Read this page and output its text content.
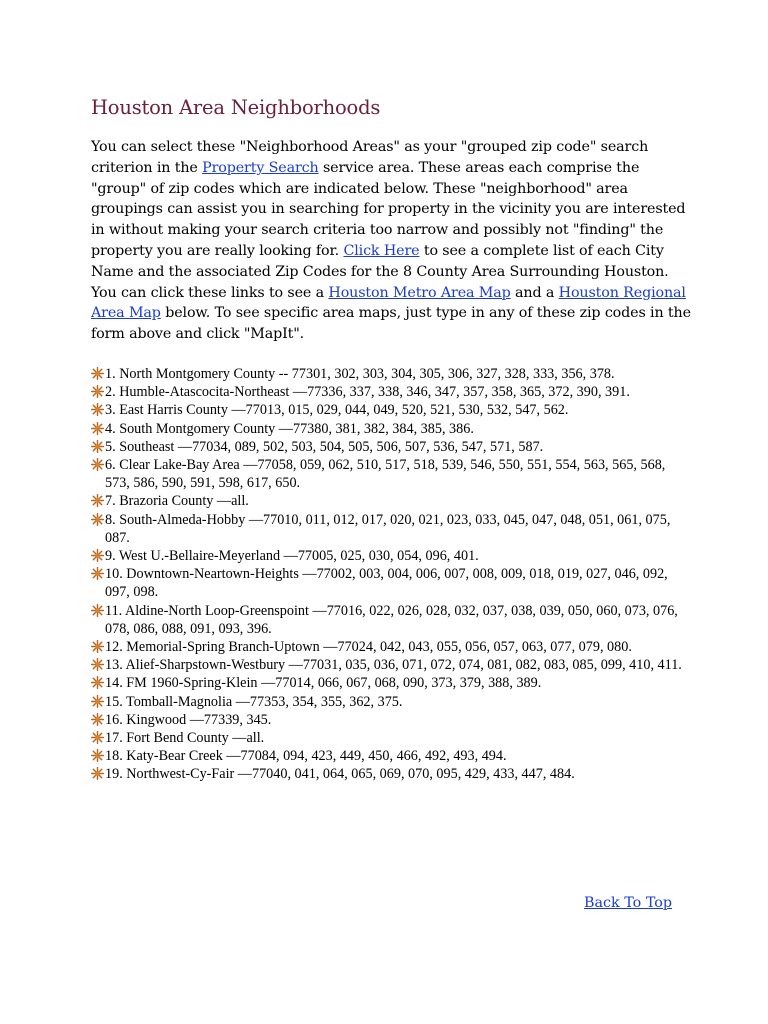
Houston Area Neighborhoods

You can select these "Neighborhood Areas" as your "grouped zip code" search criterion in the Property Search service area. These areas each comprise the "group" of zip codes which are indicated below. These "neighborhood" area groupings can assist you in searching for property in the vicinity you are interested in without making your search criteria too narrow and possibly not "finding" the property you are really looking for. Click Here to see a complete list of each City Name and the associated Zip Codes for the 8 County Area Surrounding Houston. You can click these links to see a Houston Metro Area Map and a Houston Regional Area Map below. To see specific area maps, just type in any of these zip codes in the form above and click "MapIt".

1. North Montgomery County -- 77301, 302, 303, 304, 305, 306, 327, 328, 333, 356, 378.
2. Humble-Atascocita-Northeast —77336, 337, 338, 346, 347, 357, 358, 365, 372, 390, 391.
3. East Harris County —77013, 015, 029, 044, 049, 520, 521, 530, 532, 547, 562.
4. South Montgomery County —77380, 381, 382, 384, 385, 386.
5. Southeast —77034, 089, 502, 503, 504, 505, 506, 507, 536, 547, 571, 587.
6. Clear Lake-Bay Area —77058, 059, 062, 510, 517, 518, 539, 546, 550, 551, 554, 563, 565, 568, 573, 586, 590, 591, 598, 617, 650.
7. Brazoria County —all.
8. South-Almeda-Hobby —77010, 011, 012, 017, 020, 021, 023, 033, 045, 047, 048, 051, 061, 075, 087.
9. West U.-Bellaire-Meyerland —77005, 025, 030, 054, 096, 401.
10. Downtown-Neartown-Heights —77002, 003, 004, 006, 007, 008, 009, 018, 019, 027, 046, 092, 097, 098.
11. Aldine-North Loop-Greenspoint —77016, 022, 026, 028, 032, 037, 038, 039, 050, 060, 073, 076, 078, 086, 088, 091, 093, 396.
12. Memorial-Spring Branch-Uptown —77024, 042, 043, 055, 056, 057, 063, 077, 079, 080.
13. Alief-Sharpstown-Westbury —77031, 035, 036, 071, 072, 074, 081, 082, 083, 085, 099, 410, 411.
14. FM 1960-Spring-Klein —77014, 066, 067, 068, 090, 373, 379, 388, 389.
15. Tomball-Magnolia —77353, 354, 355, 362, 375.
16. Kingwood —77339, 345.
17. Fort Bend County —all.
18. Katy-Bear Creek —77084, 094, 423, 449, 450, 466, 492, 493, 494.
19. Northwest-Cy-Fair —77040, 041, 064, 065, 069, 070, 095, 429, 433, 447, 484.
Back To Top
